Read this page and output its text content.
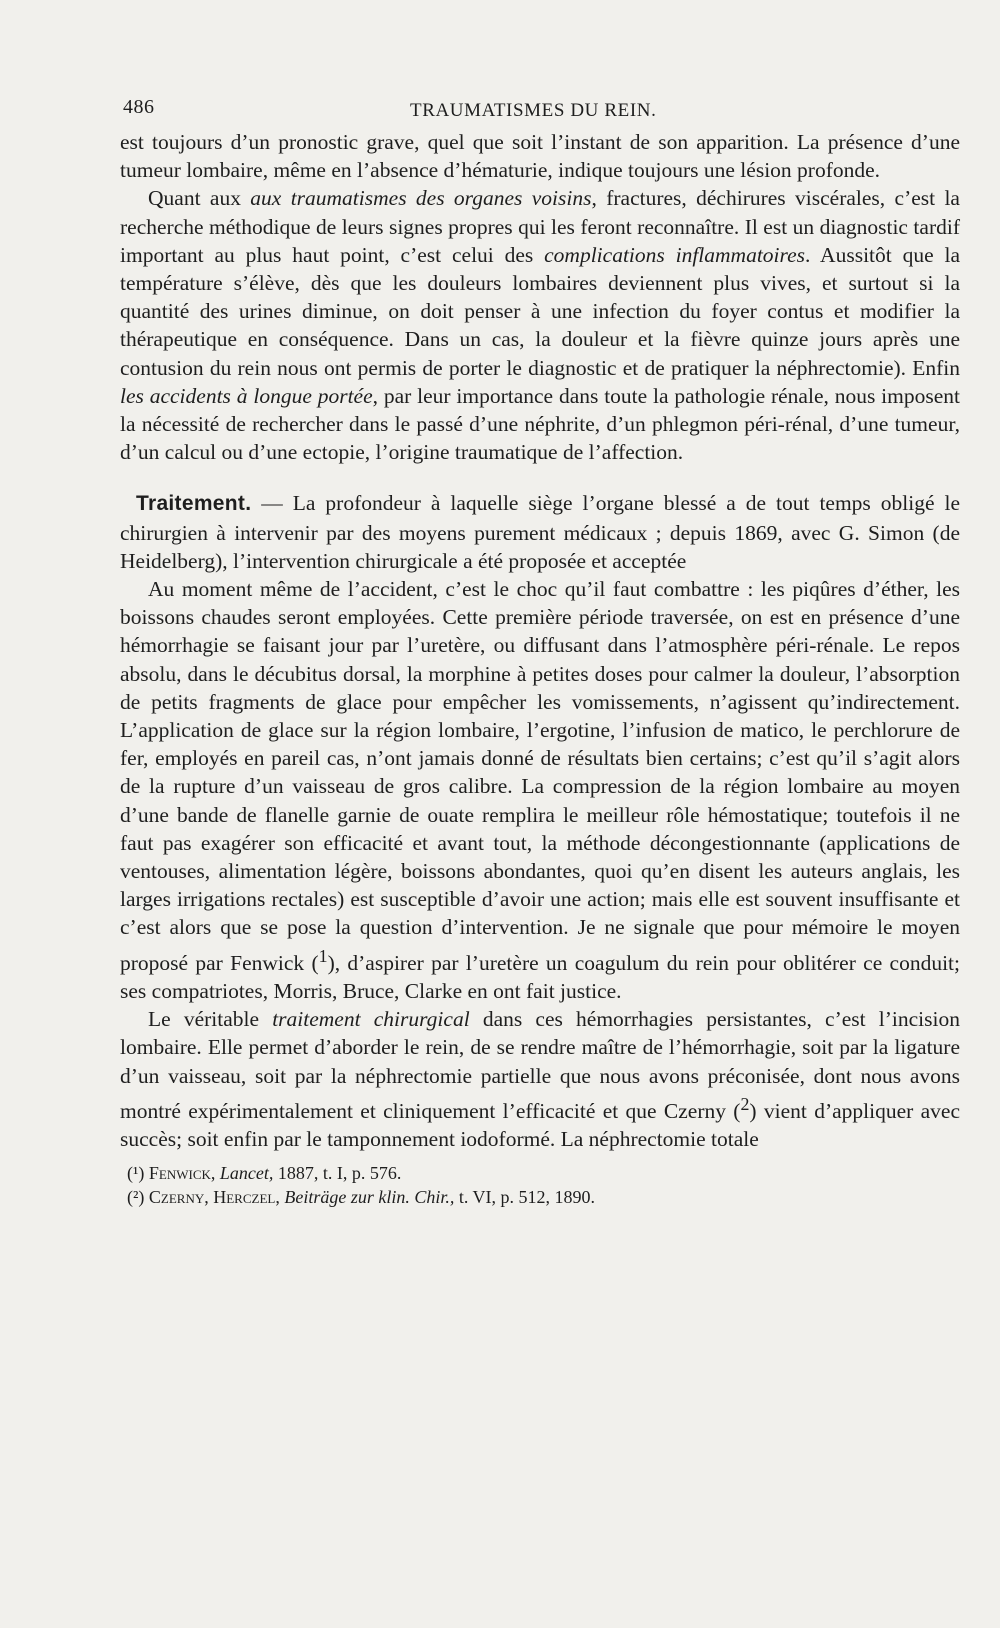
486	TRAUMATISMES DU REIN.

est toujours d’un pronostic grave, quel que soit l’instant de son apparition. La présence d’une tumeur lombaire, même en l’absence d’hématurie, indique toujours une lésion profonde.

Quant aux aux traumatismes des organes voisins, fractures, déchirures viscérales, c’est la recherche méthodique de leurs signes propres qui les feront reconnaître. Il est un diagnostic tardif important au plus haut point, c’est celui des complications inflammatoires. Aussitôt que la température s’élève, dès que les douleurs lombaires deviennent plus vives, et surtout si la quantité des urines diminue, on doit penser à une infection du foyer contus et modifier la thérapeutique en conséquence. Dans un cas, la douleur et la fièvre quinze jours après une contusion du rein nous ont permis de porter le diagnostic et de pratiquer la néphrectomie). Enfin les accidents à longue portée, par leur importance dans toute la pathologie rénale, nous imposent la nécessité de rechercher dans le passé d’une néphrite, d’un phlegmon péri-rénal, d’une tumeur, d’un calcul ou d’une ectopie, l’origine traumatique de l’affection.

Traitement. — La profondeur à laquelle siège l’organe blessé a de tout temps obligé le chirurgien à intervenir par des moyens purement médicaux ; depuis 1869, avec G. Simon (de Heidelberg), l’intervention chirurgicale a été proposée et acceptée

Au moment même de l’accident, c’est le choc qu’il faut combattre : les piqûres d’éther, les boissons chaudes seront employées. Cette première période traversée, on est en présence d’une hémorrhagie se faisant jour par l’uretère, ou diffusant dans l’atmosphère péri-rénale. Le repos absolu, dans le décubitus dorsal, la morphine à petites doses pour calmer la douleur, l’absorption de petits fragments de glace pour empêcher les vomissements, n’agissent qu’indirectement. L’application de glace sur la région lombaire, l’ergotine, l’infusion de matico, le perchlorure de fer, employés en pareil cas, n’ont jamais donné de résultats bien certains; c’est qu’il s’agit alors de la rupture d’un vaisseau de gros calibre. La compression de la région lombaire au moyen d’une bande de flanelle garnie de ouate remplira le meilleur rôle hémostatique; toutefois il ne faut pas exagérer son efficacité et avant tout, la méthode décongestionnante (applications de ventouses, alimentation légère, boissons abondantes, quoi qu’en disent les auteurs anglais, les larges irrigations rectales) est susceptible d’avoir une action; mais elle est souvent insuffisante et c’est alors que se pose la question d’intervention. Je ne signale que pour mémoire le moyen proposé par Fenwick ($^1$), d’aspirer par l’uretère un coagulum du rein pour oblitérer ce conduit; ses compatriotes, Morris, Bruce, Clarke en ont fait justice.

Le véritable traitement chirurgical dans ces hémorrhagies persistantes, c’est l’incision lombaire. Elle permet d’aborder le rein, de se rendre maître de l’hémorrhagie, soit par la ligature d’un vaisseau, soit par la néphrectomie partielle que nous avons préconisée, dont nous avons montré expérimentalement et cliniquement l’efficacité et que Czerny ($^2$) vient d’appliquer avec succès; soit enfin par le tamponnement iodoformé. La néphrectomie totale

(¹) Fenwick, Lancet, 1887, t. I, p. 576.

(²) Czerny, Herczel, Beiträge zur klin. Chir., t. VI, p. 512, 1890.
